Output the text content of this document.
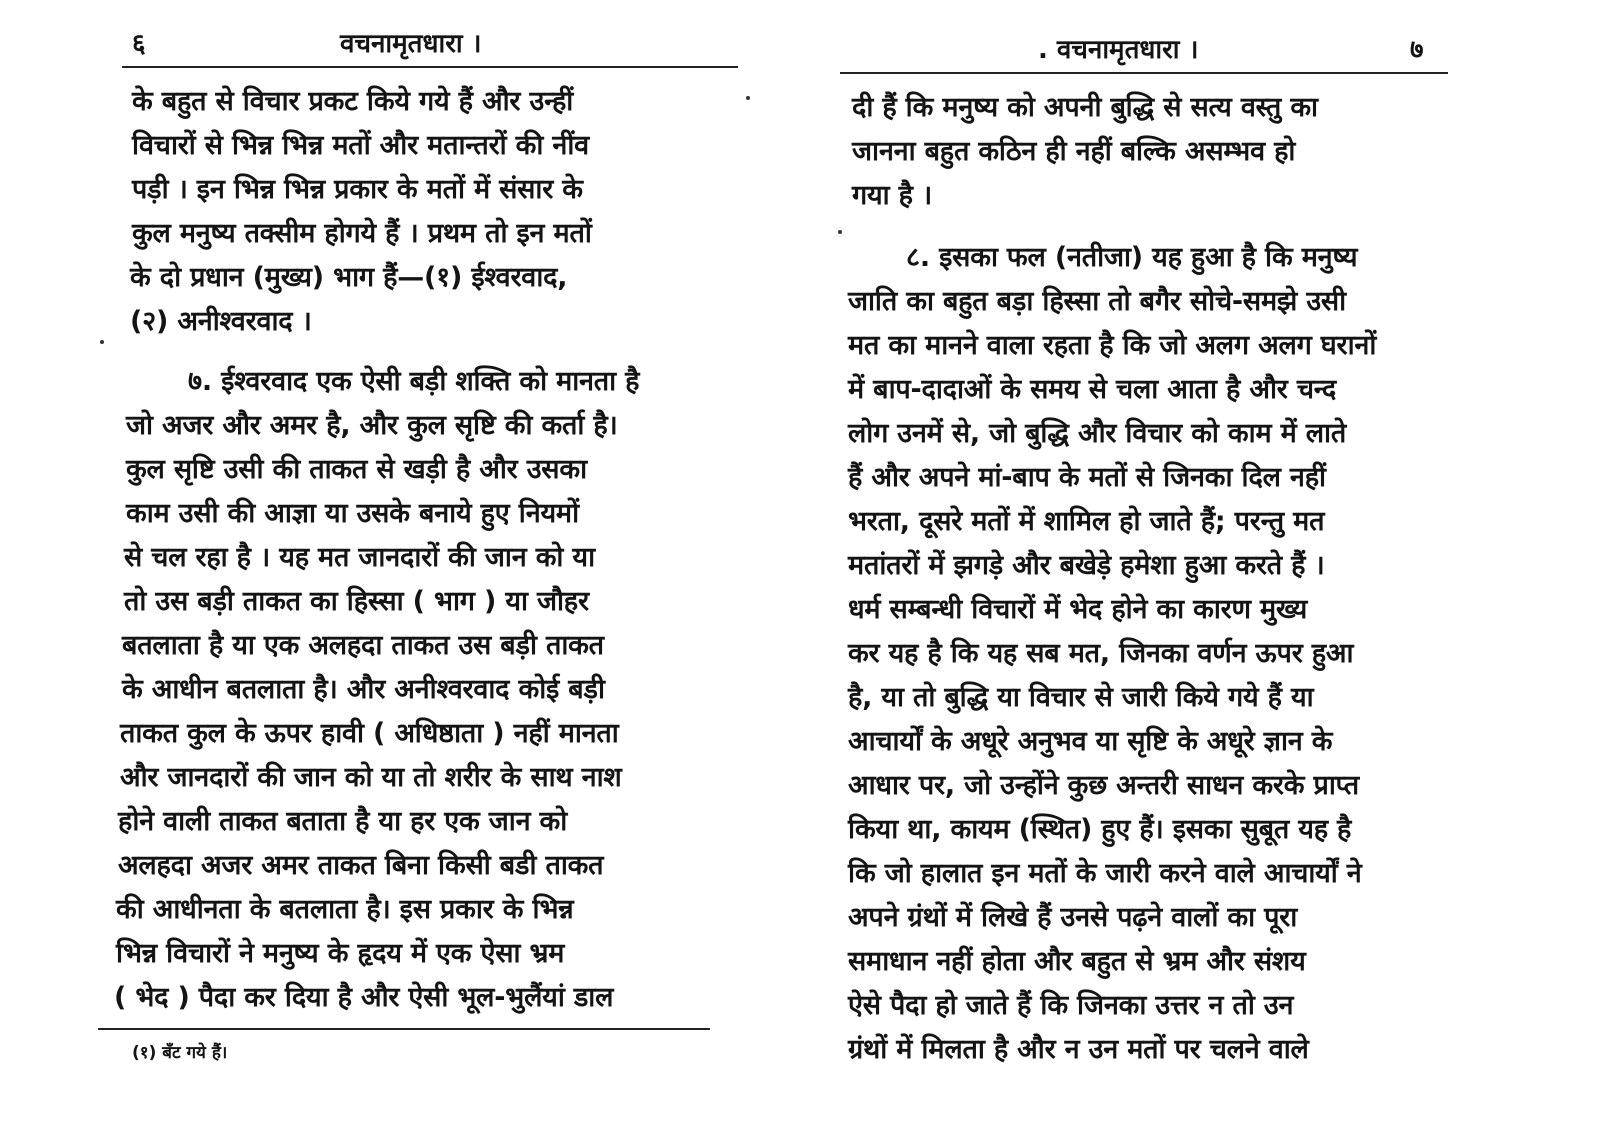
६	वचनामृतधारा ।
के बहुत से विचार प्रकट किये गये हैं और उन्हीं
विचारों से भिन्न भिन्न मतों और मतान्तरों की नींव
पड़ी । इन भिन्न भिन्न प्रकार के मतों में संसार के
कुल मनुष्य तक्सीम होगये हैं । प्रथम तो इन मतों
के दो प्रधान (मुख्य) भाग हैं—(१) ईश्वरवाद,
(२) अनीश्वरवाद ।
७. ईश्वरवाद एक ऐसी बड़ी शक्ति को मानता है
जो अजर और अमर है, और कुल सृष्टि की कर्ता है।
कुल सृष्टि उसी की ताकत से खड़ी है और उसका
काम उसी की आज्ञा या उसके बनाये हुए नियमों
से चल रहा है । यह मत जानदारों की जान को या
तो उस बड़ी ताकत का हिस्सा ( भाग ) या जौहर
बतलाता है या एक अलहदा ताकत उस बड़ी ताकत
के आधीन बतलाता है। और अनीश्वरवाद कोई बड़ी
ताकत कुल के ऊपर हावी ( अधिष्ठाता ) नहीं मानता
और जानदारों की जान को या तो शरीर के साथ नाश
होने वाली ताकत बताता है या हर एक जान को
अलहदा अजर अमर ताकत बिना किसी बडी ताकत
की आधीनता के बतलाता है। इस प्रकार के भिन्न
भिन्न विचारों ने मनुष्य के हृदय में एक ऐसा भ्रम
( भेद ) पैदा कर दिया है और ऐसी भूल-भुलैंयां डाल
(१) बँट गये हैं।
. वचनामृतधारा ।	७
दी हैं कि मनुष्य को अपनी बुद्धि से सत्य वस्तु का
जानना बहुत कठिन ही नहीं बल्कि असम्भव हो
गया है ।
८. इसका फल (नतीजा) यह हुआ है कि मनुष्य
जाति का बहुत बड़ा हिस्सा तो बगैर सोचे-समझे उसी
मत का मानने वाला रहता है कि जो अलग अलग घरानों
में बाप-दादाओं के समय से चला आता है और चन्द
लोग उनमें से, जो बुद्धि और विचार को काम में लाते
हैं और अपने मां-बाप के मतों से जिनका दिल नहीं
भरता, दूसरे मतों में शामिल हो जाते हैं; परन्तु मत
मतांतरों में झगड़े और बखेड़े हमेशा हुआ करते हैं ।
धर्म सम्बन्धी विचारों में भेद होने का कारण मुख्य
कर यह है कि यह सब मत, जिनका वर्णन ऊपर हुआ
है, या तो बुद्धि या विचार से जारी किये गये हैं या
आचार्यों के अधूरे अनुभव या सृष्टि के अधूरे ज्ञान के
आधार पर, जो उन्होंने कुछ अन्तरी साधन करके प्राप्त
किया था, कायम (स्थित) हुए हैं। इसका सुबूत यह है
कि जो हालात इन मतों के जारी करने वाले आचार्यों ने
अपने ग्रंथों में लिखे हैं उनसे पढ़ने वालों का पूरा
समाधान नहीं होता और बहुत से भ्रम और संशय
ऐसे पैदा हो जाते हैं कि जिनका उत्तर न तो उन
ग्रंथों में मिलता है और न उन मतों पर चलने वाले
